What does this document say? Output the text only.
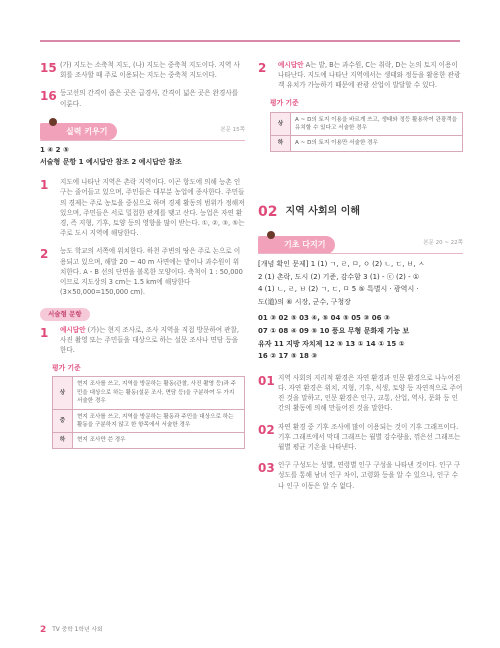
15 (가) 지도는 소축척 지도, (나) 지도는 중축척 지도이다. 지역 사회를 조사할 때 주로 이용되는 지도는 중축척 지도이다.

16 등고선의 간격이 좁은 곳은 급경사, 간격이 넓은 곳은 완경사를 이룬다.

실력 키우기	본문 15쪽
1 ④ 2 ⑤
서술형 문항 1 예시답안 참조 2 예시답안 참조
1	지도에 나타난 지역은 촌락 지역이다. 이곤 항도에 의해 능촌 인구는 줄어들고 있으며, 주민들은 대부분 농업에 종사한다. 주민들의 경제는 주로 농토을 중심으로 하며 경제 활동의 범위가 정해져 있으며, 주민들은 서로 밀접한 관계를 맺고 산다. 능업은 자연 환경, 즉 지형, 기후, 토양 등의 영향을 많이 받는다. ①, ②, ③, ⑤는 주로 도시 지역에 해당한다.

2	능도 학교의 서쪽에 위치한다. 하천 주변의 땅은 주로 논으로 이용되고 있으며, 해발 20 ~ 40 m 사면에는 밭이나 과수원이 위치한다. A - B 선의 단면을 볼록한 모양이다. 축척이 1 : 50,000이므로 지도상의 3 cm는 1.5 km에 해당한다(3×50,000=150,000 cm).

서술형 문항
1	예시답안 (가)는 현지 조사로, 조사 지역을 직접 방문하여 관찰, 사진 촬영 또는 주민들을 대상으로 하는 설문 조사나 면담 등을 한다.

평가 기준
상	현지 조사를 쓰고, 지역을 방문하는 활동(관찰, 사진 촬영 등)과 주민을 대상으로 하는 활동(설문 조사, 면담 등)을 구분하여 두 가지 서술한 경우
중	현지 조사를 쓰고, 지역을 방문하는 활동과 주민을 대상으로 하는 활동을 구분하지 않고 한 항목에서 서술한 경우
하	현지 조사만 쓴 경우
2	예시답안 A는 밭, B는 과수원, C는 취락, D는 논의 토지 이용이 나타난다. 지도에 나타난 지역에서는 생태와 정등을 활용한 관광객 유치가 가능하기 때문에 관광 산업이 발달할 수 있다.

평가 기준
상	A ~ D의 토지 이용을 바르게 쓰고, 생태와 정등 활용하여 관광객을 유치할 수 있다고 서술한 경우
하	A ~ D의 토지 이용만 서술한 경우
02 지역 사회의 이해
기초 다지기	본문 20 ~ 22쪽
[개념 확인 문제] 1 (1) ㄱ, ㄹ, ㅁ, ㅇ (2) ㄴ, ㄷ, ㅂ, ㅅ
2 (1) 촌락, 도시 (2) 기준, 감수함 3 (1) - ⓒ (2) - ①
4 (1) ㄴ, ㄹ, ㅂ (2) ㄱ, ㄷ, ㅁ 5 ⑤ 특별시 · 광역시 ·
도(道)의 ⑥ 시장, 군수, 구청장
01 ③ 02 ⑤ 03 ④, ⑤ 04 ⑤ 05 ③ 06 ③
07 ① 08 ④ 09 ⑤ 10 풍요 무형 문화재 기능 보
유자 11 지방 자치제 12 ⑤ 13 ① 14 ① 15 ①
16 ② 17 ⑤ 18 ③
01 지역 사회의 지리적 환경은 자연 환경과 인문 환경으로 나누어진다. 자연 환경은 위치, 지형, 기후, 식생, 토양 등 자연적으로 주어진 것을 말하고, 인문 환경은 인구, 교통, 산업, 역사, 문화 등 인간의 활동에 의해 만들어진 것을 말한다.

02 자연 환경 중 기후 조사에 많이 이용되는 것이 기후 그래프이다. 기후 그래프에서 막대 그래프는 월별 강수량을, 꺾은선 그래프는 월별 평균 기온을 나타낸다.

03 인구 구성도는 성별, 연령별 인구 구성을 나타낸 것이다. 인구 구성도를 통해 남녀 인구 차이, 고령화 등을 알 수 있으나, 인구 수나 인구 이동은 알 수 없다.

2 TV 중학 1학년 사회
